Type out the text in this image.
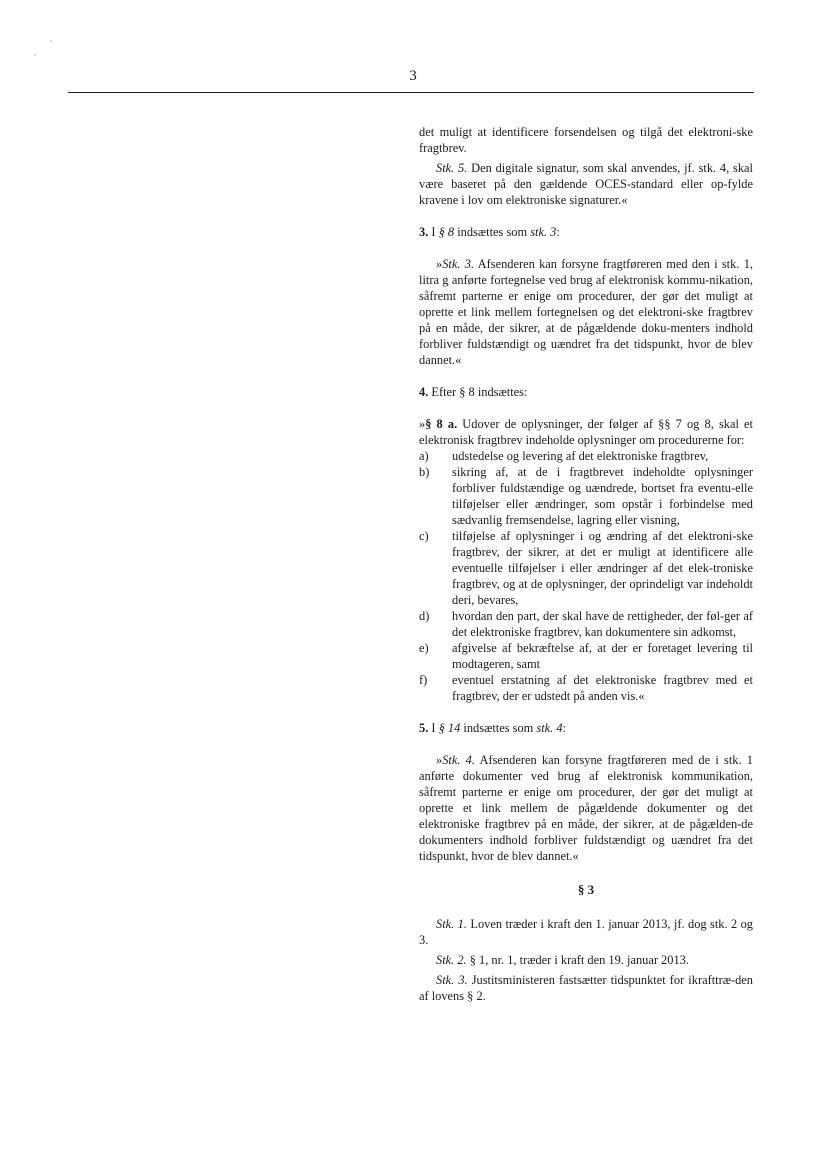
3

det muligt at identificere forsendelsen og tilgå det elektroni-ske fragtbrev.

Stk. 5. Den digitale signatur, som skal anvendes, jf. stk. 4, skal være baseret på den gældende OCES-standard eller op-fylde kravene i lov om elektroniske signaturer.«

3. I § 8 indsættes som stk. 3:

»Stk. 3. Afsenderen kan forsyne fragtføreren med den i stk. 1, litra g anførte fortegnelse ved brug af elektronisk kommu-nikation, såfremt parterne er enige om procedurer, der gør det muligt at oprette et link mellem fortegnelsen og det elektroni-ske fragtbrev på en måde, der sikrer, at de pågældende doku-menters indhold forbliver fuldstændigt og uændret fra det tidspunkt, hvor de blev dannet.«

4. Efter § 8 indsættes:

»§ 8 a. Udover de oplysninger, der følger af §§ 7 og 8, skal et elektronisk fragtbrev indeholde oplysninger om procedurerne for:

a)	udstedelse og levering af det elektroniske fragtbrev,
b)	sikring af, at de i fragtbrevet indeholdte oplysninger forbliver fuldstændige og uændrede, bortset fra eventu-elle tilføjelser eller ændringer, som opstår i forbindelse med sædvanlig fremsendelse, lagring eller visning,
c)	tilføjelse af oplysninger i og ændring af det elektroni-ske fragtbrev, der sikrer, at det er muligt at identificere alle eventuelle tilføjelser i eller ændringer af det elek-troniske fragtbrev, og at de oplysninger, der oprindeligt var indeholdt deri, bevares,
d)	hvordan den part, der skal have de rettigheder, der føl-ger af det elektroniske fragtbrev, kan dokumentere sin adkomst,
e)	afgivelse af bekræftelse af, at der er foretaget levering til modtageren, samt
f)	eventuel erstatning af det elektroniske fragtbrev med et fragtbrev, der er udstedt på anden vis.«

5. I § 14 indsættes som stk. 4:

»Stk. 4. Afsenderen kan forsyne fragtføreren med de i stk. 1 anførte dokumenter ved brug af elektronisk kommunikation, såfremt parterne er enige om procedurer, der gør det muligt at oprette et link mellem de pågældende dokumenter og det elektroniske fragtbrev på en måde, der sikrer, at de pågælden-de dokumenters indhold forbliver fuldstændigt og uændret fra det tidspunkt, hvor de blev dannet.«

§ 3

Stk. 1. Loven træder i kraft den 1. januar 2013, jf. dog stk. 2 og 3.

Stk. 2. § 1, nr. 1, træder i kraft den 19. januar 2013.

Stk. 3. Justitsministeren fastsætter tidspunktet for ikrafttræ-den af lovens § 2.
